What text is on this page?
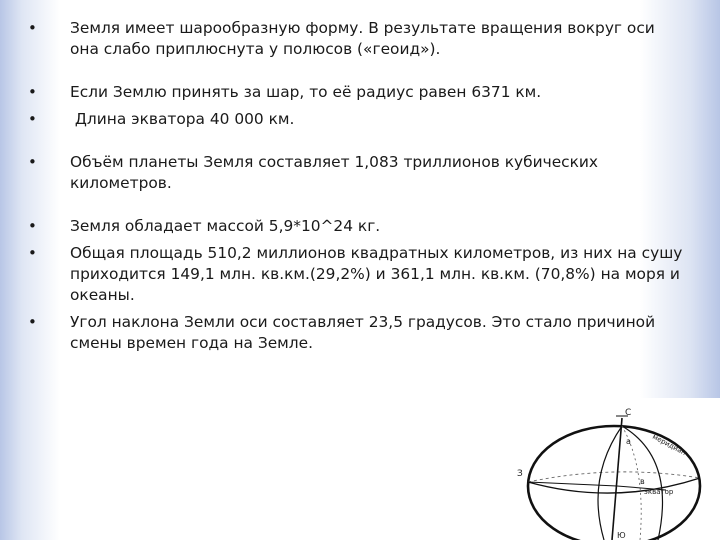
• Земля имеет шарообразную форму. В результате вращения вокруг оси она слабо приплюснута у полюсов («геоид»).
• Если Землю принять за шар, то её радиус равен 6371 км.
• Длина экватора 40 000 км.
• Объём планеты Земля составляет 1,083 триллионов кубических километров.
• Земля обладает массой 5,9*10^24 кг.
• Общая площадь 510,2 миллионов квадратных километров, из них на сушу приходится 149,1 млн. кв.км.(29,2%) и 361,1 млн. кв.км. (70,8%) на моря и океаны.
• Угол наклона Земли оси составляет 23,5 градусов. Это стало причиной смены времен года на Земле.
С
З
Ю
меридиан
экватор
а
в
